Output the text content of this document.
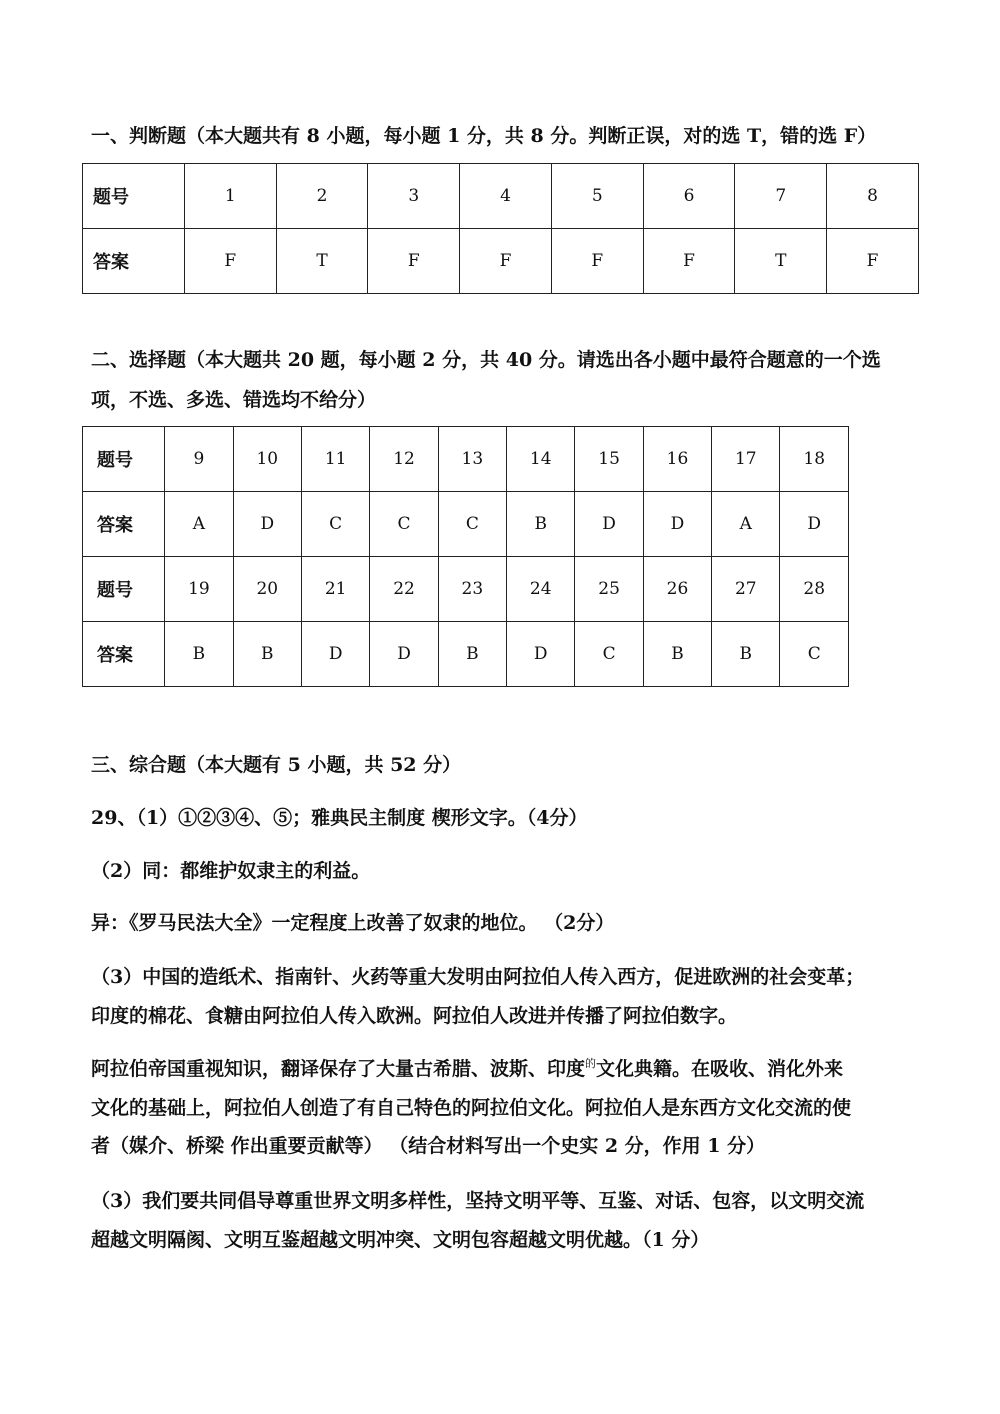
一、判断题（本大题共有 8 小题，每小题 1 分，共 8 分。判断正误，对的选 T，错的选 F）
题号	1	2	3	4	5	6	7	8
答案	F	T	F	F	F	F	T	F
二、选择题（本大题共 20 题，每小题 2 分，共 40 分。请选出各小题中最符合题意的一个选
项，不选、多选、错选均不给分）
题号	9	10	11	12	13	14	15	16	17	18
答案	A	D	C	C	C	B	D	D	A	D
题号	19	20	21	22	23	24	25	26	27	28
答案	B	B	D	D	B	D	C	B	B	C
三、综合题（本大题有 5 小题，共 52 分）
29、（1）①②③④、⑤；雅典民主制度 楔形文字。（4分）
（2）同：都维护奴隶主的利益。
异：《罗马民法大全》一定程度上改善了奴隶的地位。 （2分）
（3）中国的造纸术、指南针、火药等重大发明由阿拉伯人传入西方，促进欧洲的社会变革；
印度的棉花、食糖由阿拉伯人传入欧洲。阿拉伯人改进并传播了阿拉伯数字。
阿拉伯帝国重视知识，翻译保存了大量古希腊、波斯、印度$^的$文化典籍。在吸收、消化外来
文化的基础上，阿拉伯人创造了有自己特色的阿拉伯文化。阿拉伯人是东西方文化交流的使
者（媒介、桥梁 作出重要贡献等） （结合材料写出一个史实 2 分，作用 1 分）
（3）我们要共同倡导尊重世界文明多样性，坚持文明平等、互鉴、对话、包容，以文明交流
超越文明隔阂、文明互鉴超越文明冲突、文明包容超越文明优越。（1 分）
